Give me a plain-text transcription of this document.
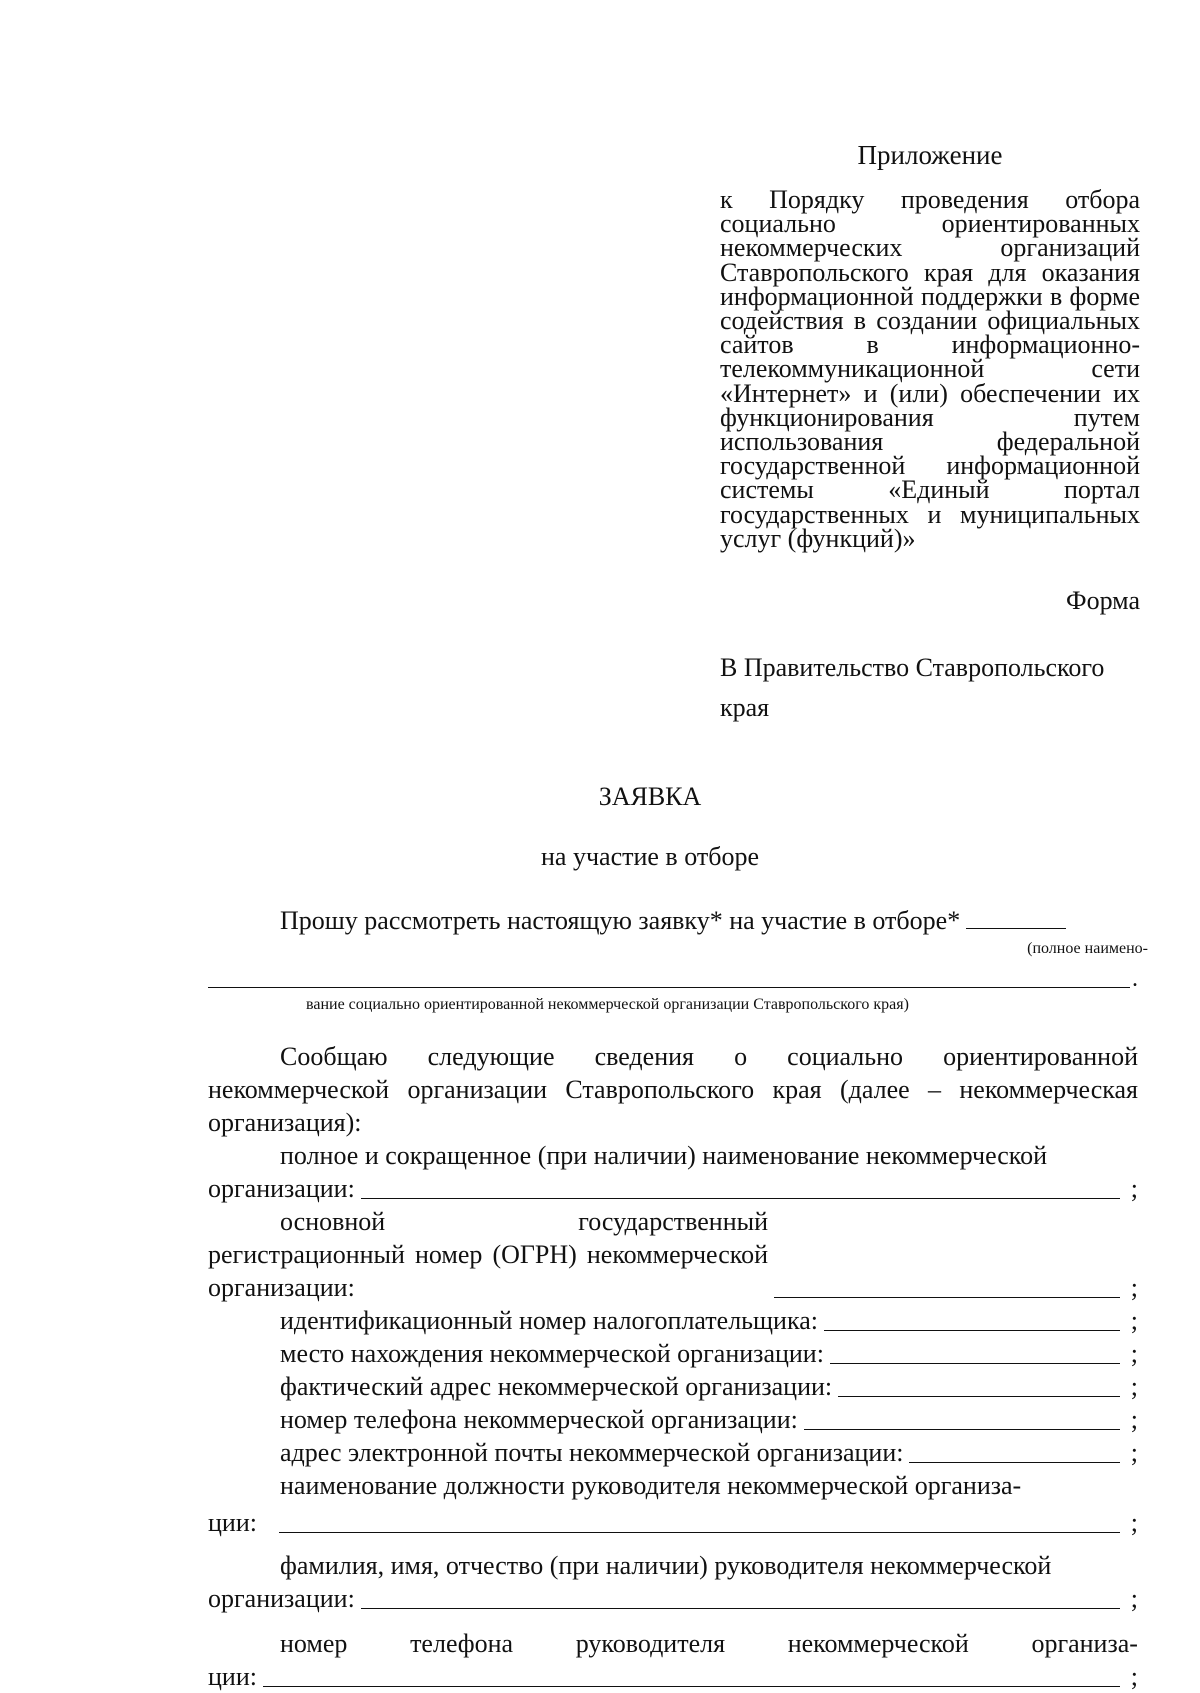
Приложение
к Порядку проведения отбора социально ориентированных некоммерческих организаций Ставропольского края для оказания информационной поддержки в форме содействия в создании официальных сайтов в информационно-телекоммуникационной сети «Интернет» и (или) обеспечении их функционирования путем использования федеральной государственной информационной системы «Единый портал государственных и муниципальных услуг (функций)»
Форма
В Правительство Ставропольского края
ЗАЯВКА
на участие в отборе
Прошу рассмотреть настоящую заявку* на участие в отборе*
(полное наимено-
.
вание социально ориентированной некоммерческой организации Ставропольского края)

Сообщаю следующие сведения о социально ориентированной некоммерческой организации Ставропольского края (далее – некоммерческая организация):

полное и сокращенное (при наличии) наименование некоммерческой
организации:	;
основной государственный регистрационный номер (ОГРН) некоммерческой организации:	;
идентификационный номер налогоплательщика:	;
место нахождения некоммерческой организации:	;
фактический адрес некоммерческой организации:	;
номер телефона некоммерческой организации:	;
адрес электронной почты некоммерческой организации:	;
наименование должности руководителя некоммерческой организа-
ции:	;
фамилия, имя, отчество (при наличии) руководителя некоммерческой
организации:	;
номер телефона руководителя некоммерческой организа-
ции:	;
